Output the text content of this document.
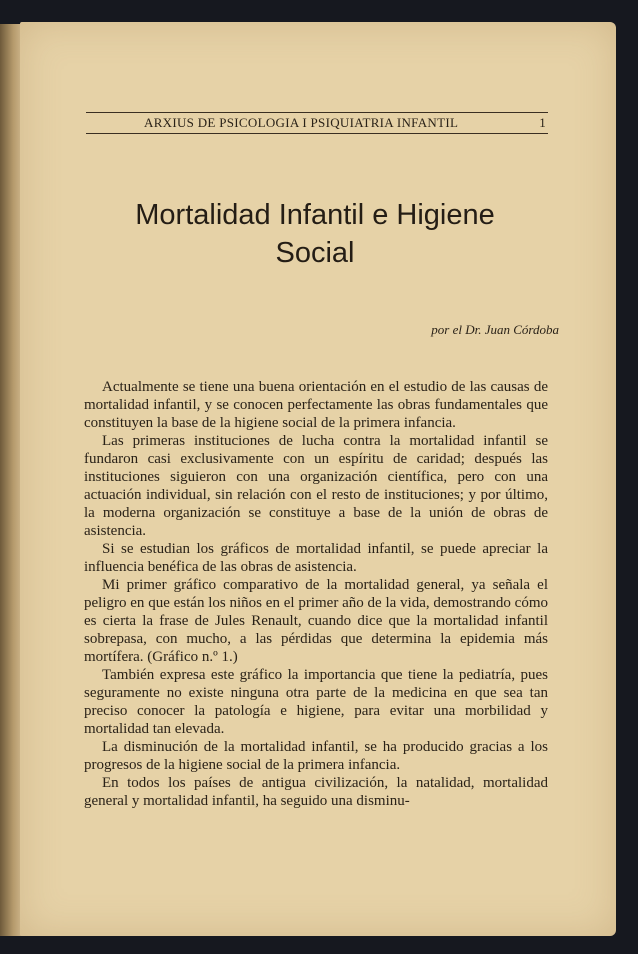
ARXIUS DE PSICOLOGIA I PSIQUIATRIA INFANTIL	1
Mortalidad Infantil e Higiene
Social
por el Dr. Juan Córdoba

Actualmente se tiene una buena orientación en el estudio de las causas de mortalidad infantil, y se conocen perfectamente las obras fundamentales que constituyen la base de la higiene social de la primera infancia.

Las primeras instituciones de lucha contra la mortalidad infantil se fundaron casi exclusivamente con un espíritu de caridad; después las instituciones siguieron con una organización científica, pero con una actuación individual, sin relación con el resto de instituciones; y por último, la moderna organización se constituye a base de la unión de obras de asistencia.

Si se estudian los gráficos de mortalidad infantil, se puede apreciar la influencia benéfica de las obras de asistencia.

Mi primer gráfico comparativo de la mortalidad general, ya señala el peligro en que están los niños en el primer año de la vida, demostrando cómo es cierta la frase de Jules Renault, cuando dice que la mortalidad infantil sobrepasa, con mucho, a las pérdidas que determina la epidemia más mortífera. (Gráfico n.º 1.)

También expresa este gráfico la importancia que tiene la pediatría, pues seguramente no existe ninguna otra parte de la medicina en que sea tan preciso conocer la patología e higiene, para evitar una morbilidad y mortalidad tan elevada.

La disminución de la mortalidad infantil, se ha producido gracias a los progresos de la higiene social de la primera infancia.

En todos los países de antigua civilización, la natalidad, mortalidad general y mortalidad infantil, ha seguido una disminu-
